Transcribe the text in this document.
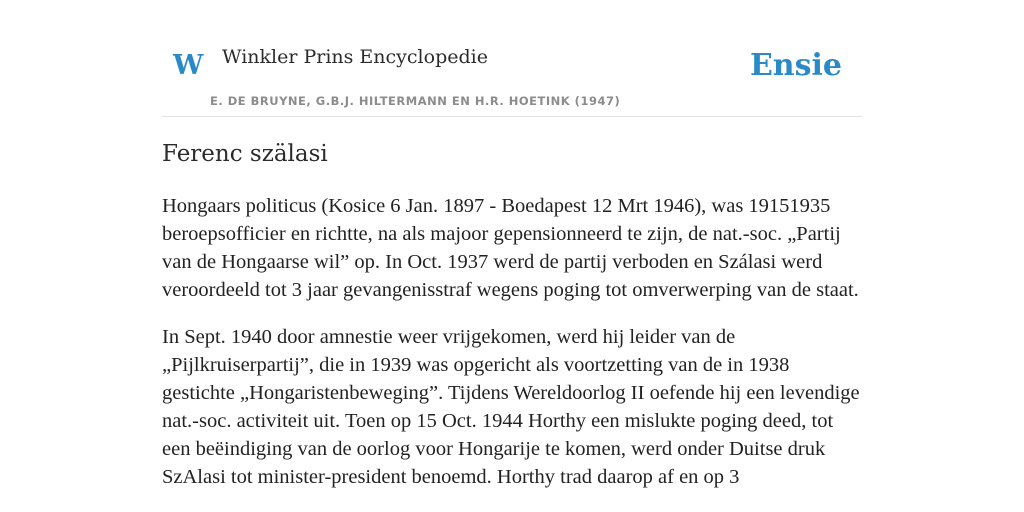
W Winkler Prins Encyclopedie
E. DE BRUYNE, G.B.J. HILTERMANN EN H.R. HOETINK (1947)
Ensie
Ferenc szälasi

Hongaars politicus (Kosice 6 Jan. 1897 - Boedapest 12 Mrt 1946), was 19151935 beroepsofficier en richtte, na als majoor gepensionneerd te zijn, de nat.-soc. „Partij van de Hongaarse wil” op. In Oct. 1937 werd de partij verboden en Szálasi werd veroordeeld tot 3 jaar gevangenisstraf wegens poging tot omverwerping van de staat.

In Sept. 1940 door amnestie weer vrijgekomen, werd hij leider van de „Pijlkruiserpartij”, die in 1939 was opgericht als voortzetting van de in 1938 gestichte „Hongaristenbeweging”. Tijdens Wereldoorlog II oefende hij een levendige nat.-soc. activiteit uit. Toen op 15 Oct. 1944 Horthy een mislukte poging deed, tot een beëindiging van de oorlog voor Hongarije te komen, werd onder Duitse druk SzAlasi tot minister-president benoemd. Horthy trad daarop af en op 3
